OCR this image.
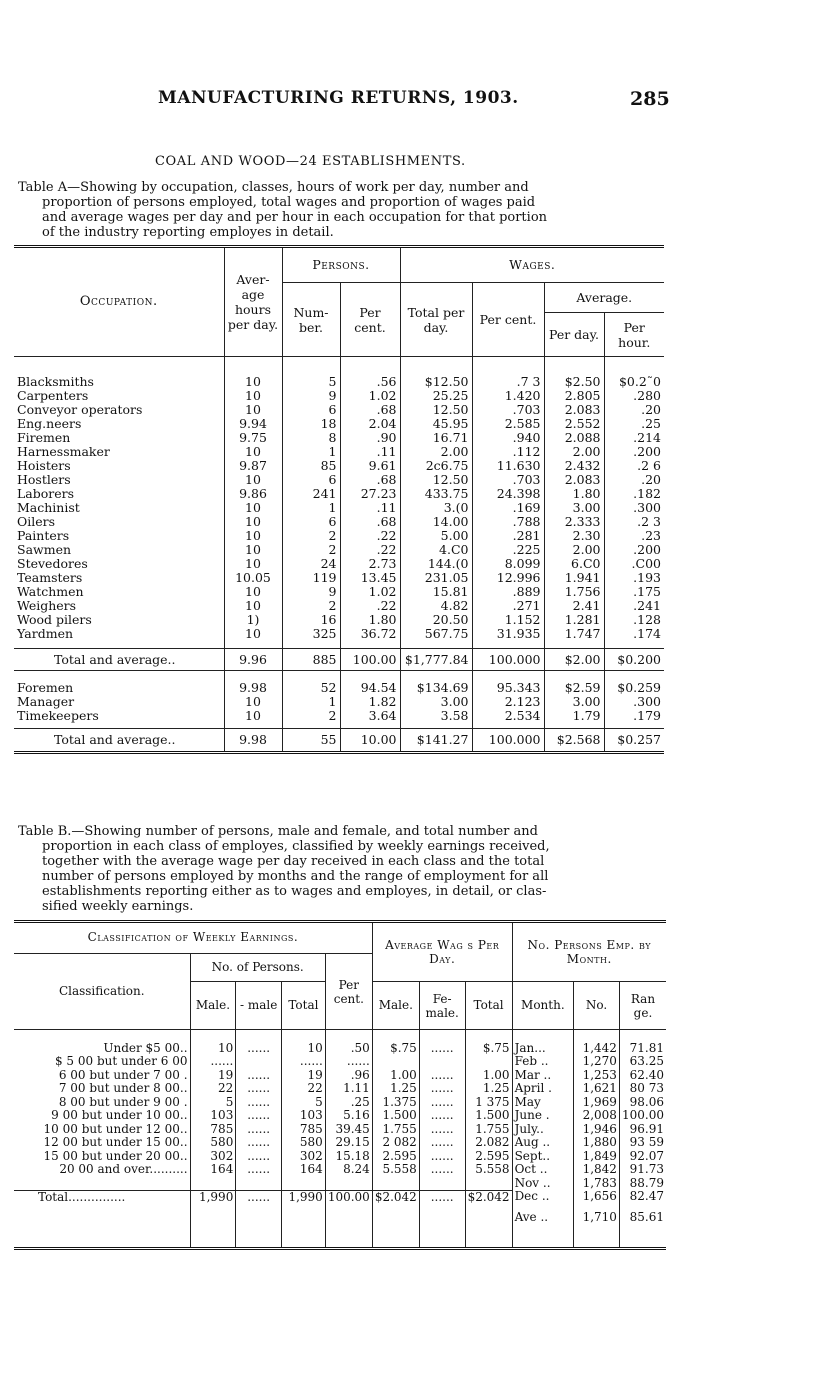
MANUFACTURING RETURNS, 1903.	285
COAL AND WOOD—24 ESTABLISHMENTS.

Table A—Showing by occupation, classes, hours of work per day, number and

proportion of persons employed, total wages and proportion of wages paid

and average wages per day and per hour in each occupation for that portion

of the industry reporting employes in detail.

Occupation.	Aver- age hours per day.	Persons.		Wages.			
		Num- ber.	Per cent.	Total per day.	Per cent.	Average.	
						Per day.	Per hour.

Blacksmiths	10	5	.56	$12.50	.7 3	$2.50	$0.2˜0
Carpenters	10	9	1.02	25.25	1.420	2.805	.280
Conveyor operators	10	6	.68	12.50	.703	2.083	.20
Eng.neers	9.94	18	2.04	45.95	2.585	2.552	.25
Firemen	9.75	8	.90	16.71	.940	2.088	.214
Harnessmaker	10	1	.11	2.00	.112	2.00	.200
Hoisters	9.87	85	9.61	2c6.75	11.630	2.432	.2 6
Hostlers	10	6	.68	12.50	.703	2.083	.20
Laborers	9.86	241	27.23	433.75	24.398	1.80	.182
Machinist	10	1	.11	3.(0	.169	3.00	.300
Oilers	10	6	.68	14.00	.788	2.333	.2 3
Painters	10	2	.22	5.00	.281	2.30	.23
Sawmen	10	2	.22	4.C0	.225	2.00	.200
Stevedores	10	24	2.73	144.(0	8.099	6.C0	.C00
Teamsters	10.05	119	13.45	231.05	12.996	1.941	.193
Watchmen	10	9	1.02	15.81	.889	1.756	.175
Weighers	10	2	.22	4.82	.271	2.41	.241
Wood pilers	1)	16	1.80	20.50	1.152	1.281	.128
Yardmen	10	325	36.72	567.75	31.935	1.747	.174

Total and average..	9.96	885	100.00	$1,777.84	100.000	$2.00	$0.200

Foremen	9.98	52	94.54	$134.69	95.343	$2.59	$0.259
Manager	10	1	1.82	3.00	2.123	3.00	.300
Timekeepers	10	2	3.64	3.58	2.534	1.79	.179

Total and average..	9.98	55	10.00	$141.27	100.000	$2.568	$0.257

Table B.—Showing number of persons, male and female, and total number and

proportion in each class of employes, classified by weekly earnings received,

together with the average wage per day received in each class and the total

number of persons employed by months and the range of employment for all

establishments reporting either as to wages and employes, in detail, or clas-

sified weekly earnings.

Classification of Weekly Earnings.					Average Wag s Per Day.			No. Persons Emp. by Month.		
Classification.	No. of Persons.			Per cent.						
	Male.	- male	Total		Male.	Fe- male.	Total	Month.	No.	Ran ge.

Under $5 00..	10	......	10	.50	$.75	......	$.75	Jan...	1,442	71.81
$ 5 00 but under 6 00	......		......	......				Feb ..	1,270	63.25
6 00 but under 7 00 .	19	......	19	.96	1.00	......	1.00	Mar ..	1,253	62.40
7 00 but under 8 00..	22	......	22	1.11	1.25	......	1.25	April .	1,621	80 73
8 00 but under 9 00 .	5	......	5	.25	1.375	......	1 375	May	1,969	98.06
9 00 but under 10 00..	103	......	103	5.16	1.500	......	1.500	June .	2,008	100.00
10 00 but under 12 00..	785	......	785	39.45	1.755	......	1.755	July..	1,946	96.91
12 00 but under 15 00..	580	......	580	29.15	2 082	......	2.082	Aug ..	1,880	93 59
15 00 but under 20 00..	302	......	302	15.18	2.595	......	2.595	Sept..	1,849	92.07
20 00 and over..........	164	......	164	8.24	5.558	......	5.558	Oct ..	1,842	91.73
								Nov ..	1,783	88.79
Total...............	1,990	......	1,990	100.00	$2.042	......	$2.042	Dec ..	1,656	82.47
								Ave ..	1,710	85.61
